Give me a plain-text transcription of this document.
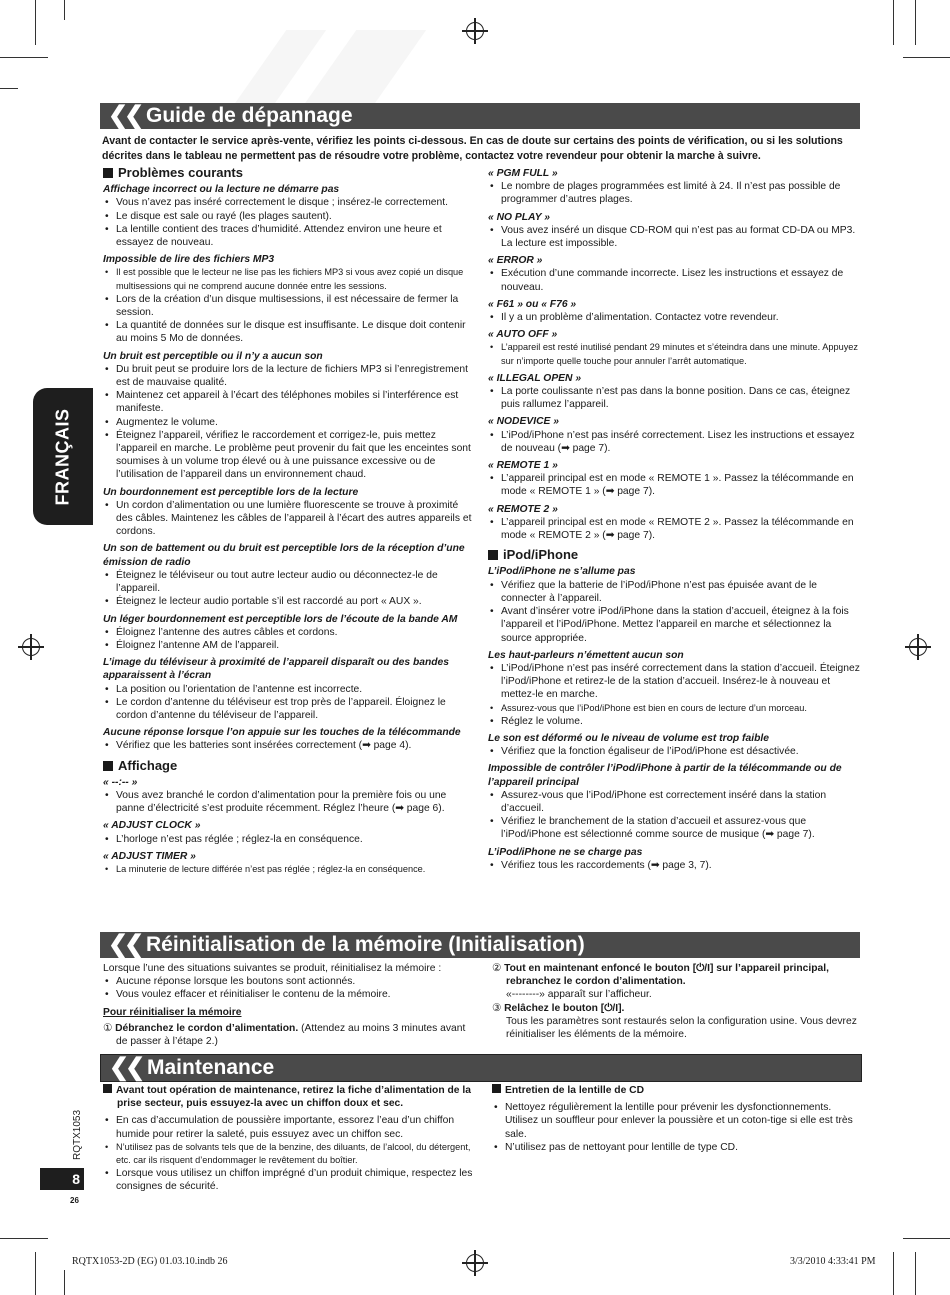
❮❮ Guide de dépannage
Avant de contacter le service après-vente, vérifiez les points ci-dessous. En cas de doute sur certains des points de vérification, ou si les solutions décrites dans le tableau ne permettent pas de résoudre votre problème, contactez votre revendeur pour obtenir la marche à suivre.
FRANÇAIS
Problèmes courants
Affichage incorrect ou la lecture ne démarre pas
• Vous n’avez pas inséré correctement le disque ; insérez-le correctement.
• Le disque est sale ou rayé (les plages sautent).
• La lentille contient des traces d’humidité. Attendez environ une heure et essayez de nouveau.
Impossible de lire des fichiers MP3
• Il est possible que le lecteur ne lise pas les fichiers MP3 si vous avez copié un disque multisessions qui ne comprend aucune donnée entre les sessions.
• Lors de la création d’un disque multisessions, il est nécessaire de fermer la session.
• La quantité de données sur le disque est insuffisante. Le disque doit contenir au moins 5 Mo de données.
Un bruit est perceptible ou il n’y a aucun son
• Du bruit peut se produire lors de la lecture de fichiers MP3 si l’enregistrement est de mauvaise qualité.
• Maintenez cet appareil à l’écart des téléphones mobiles si l’interférence est manifeste.
• Augmentez le volume.
• Éteignez l’appareil, vérifiez le raccordement et corrigez-le, puis mettez l’appareil en marche. Le problème peut provenir du fait que les enceintes sont soumises à un volume trop élevé ou à une puissance excessive ou de l’utilisation de l’appareil dans un environnement chaud.
Un bourdonnement est perceptible lors de la lecture
• Un cordon d’alimentation ou une lumière fluorescente se trouve à proximité des câbles. Maintenez les câbles de l’appareil à l’écart des autres appareils et cordons.
Un son de battement ou du bruit est perceptible lors de la réception d’une émission de radio
• Éteignez le téléviseur ou tout autre lecteur audio ou déconnectez-le de l’appareil.
• Éteignez le lecteur audio portable s’il est raccordé au port « AUX ».
Un léger bourdonnement est perceptible lors de l’écoute de la bande AM
• Éloignez l’antenne des autres câbles et cordons.
• Éloignez l’antenne AM de l’appareil.
L’image du téléviseur à proximité de l’appareil disparaît ou des bandes apparaissent à l’écran
• La position ou l’orientation de l’antenne est incorrecte.
• Le cordon d’antenne du téléviseur est trop près de l’appareil. Éloignez le cordon d’antenne du téléviseur de l’appareil.
Aucune réponse lorsque l’on appuie sur les touches de la télécommande
• Vérifiez que les batteries sont insérées correctement (➡ page 4).
Affichage
« --:-- »
• Vous avez branché le cordon d’alimentation pour la première fois ou une panne d’électricité s’est produite récemment. Réglez l’heure (➡ page 6).
« ADJUST CLOCK »
• L’horloge n’est pas réglée ; réglez-la en conséquence.
« ADJUST TIMER »
• La minuterie de lecture différée n’est pas réglée ; réglez-la en conséquence.
« PGM FULL »
• Le nombre de plages programmées est limité à 24. Il n’est pas possible de programmer d’autres plages.
« NO PLAY »
• Vous avez inséré un disque CD-ROM qui n’est pas au format CD-DA ou MP3. La lecture est impossible.
« ERROR »
• Exécution d’une commande incorrecte. Lisez les instructions et essayez de nouveau.
« F61 » ou « F76 »
• Il y a un problème d’alimentation. Contactez votre revendeur.
« AUTO OFF »
• L’appareil est resté inutilisé pendant 29 minutes et s’éteindra dans une minute. Appuyez sur n’importe quelle touche pour annuler l’arrêt automatique.
« ILLEGAL OPEN »
• La porte coulissante n’est pas dans la bonne position. Dans ce cas, éteignez puis rallumez l’appareil.
« NODEVICE »
• L’iPod/iPhone n’est pas inséré correctement. Lisez les instructions et essayez de nouveau (➡ page 7).
« REMOTE 1 »
• L’appareil principal est en mode « REMOTE 1 ». Passez la télécommande en mode « REMOTE 1 » (➡ page 7).
« REMOTE 2 »
• L’appareil principal est en mode « REMOTE 2 ». Passez la télécommande en mode « REMOTE 2 » (➡ page 7).
iPod/iPhone
L’iPod/iPhone ne s’allume pas
• Vérifiez que la batterie de l’iPod/iPhone n’est pas épuisée avant de le connecter à l’appareil.
• Avant d’insérer votre iPod/iPhone dans la station d’accueil, éteignez à la fois l’appareil et l’iPod/iPhone. Mettez l’appareil en marche et sélectionnez la source appropriée.
Les haut-parleurs n’émettent aucun son
• L’iPod/iPhone n’est pas inséré correctement dans la station d’accueil. Éteignez l’iPod/iPhone et retirez-le de la station d’accueil. Insérez-le à nouveau et mettez-le en marche.
• Assurez-vous que l’iPod/iPhone est bien en cours de lecture d’un morceau.
• Réglez le volume.
Le son est déformé ou le niveau de volume est trop faible
• Vérifiez que la fonction égaliseur de l’iPod/iPhone est désactivée.
Impossible de contrôler l’iPod/iPhone à partir de la télécommande ou de l’appareil principal
• Assurez-vous que l’iPod/iPhone est correctement inséré dans la station d’accueil.
• Vérifiez le branchement de la station d’accueil et assurez-vous que l’iPod/iPhone est sélectionné comme source de musique (➡ page 7).
L’iPod/iPhone ne se charge pas
• Vérifiez tous les raccordements (➡ page 3, 7).
❮❮ Réinitialisation de la mémoire (Initialisation)

Lorsque l’une des situations suivantes se produit, réinitialisez la mémoire :

• Aucune réponse lorsque les boutons sont actionnés.
• Vous voulez effacer et réinitialiser le contenu de la mémoire.

Pour réinitialiser la mémoire

① Débranchez le cordon d’alimentation. (Attendez au moins 3 minutes avant de passer à l’étape 2.)

② Tout en maintenant enfoncé le bouton [⏻/I] sur l’appareil principal, rebranchez le cordon d’alimentation.

«--------» apparaît sur l’afficheur.

③ Relâchez le bouton [⏻/I].

Tous les paramètres sont restaurés selon la configuration usine. Vous devrez réinitialiser les éléments de la mémoire.

❮❮ Maintenance

Avant tout opération de maintenance, retirez la fiche d’alimentation de la prise secteur, puis essuyez-la avec un chiffon doux et sec.

• En cas d’accumulation de poussière importante, essorez l’eau d’un chiffon humide pour retirer la saleté, puis essuyez avec un chiffon sec.
• N’utilisez pas de solvants tels que de la benzine, des diluants, de l’alcool, du détergent, etc. car ils risquent d’endommager le revêtement du boîtier.
• Lorsque vous utilisez un chiffon imprégné d’un produit chimique, respectez les consignes de sécurité.

Entretien de la lentille de CD

• Nettoyez régulièrement la lentille pour prévenir les dysfonctionnements. Utilisez un souffleur pour enlever la poussière et un coton-tige si elle est très sale.
• N’utilisez pas de nettoyant pour lentille de type CD.
RQTX1053
8
26
RQTX1053-2D (EG) 01.03.10.indb 26	3/3/2010 4:33:41 PM
